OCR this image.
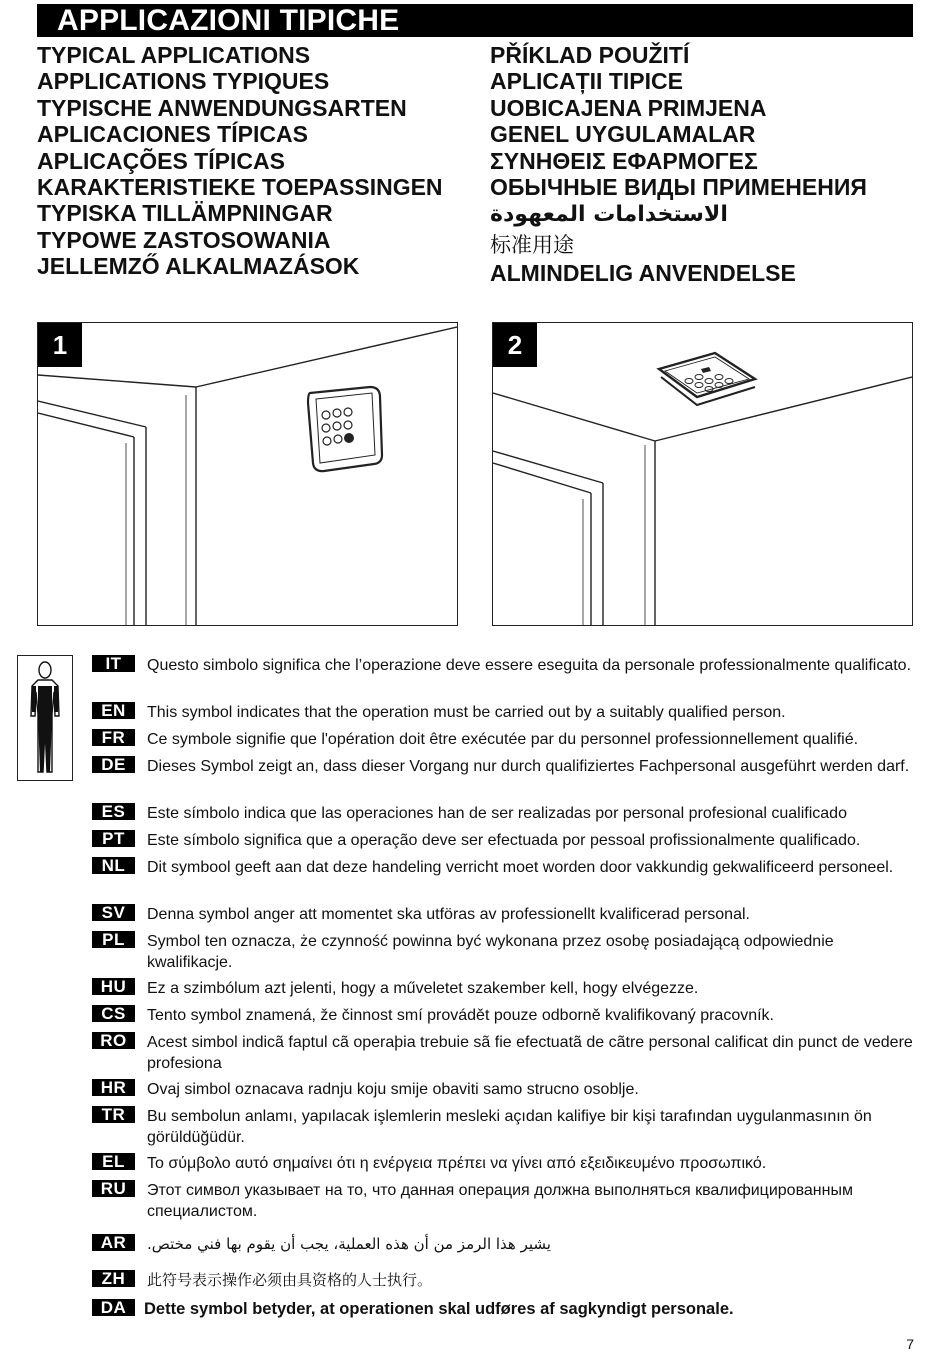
APPLICAZIONI TIPICHE
TYPICAL APPLICATIONS
APPLICATIONS TYPIQUES
TYPISCHE ANWENDUNGSARTEN
APLICACIONES TÍPICAS
APLICAÇÕES TÍPICAS
KARAKTERISTIEKE TOEPASSINGEN
TYPISKA TILLÄMPNINGAR
TYPOWE ZASTOSOWANIA
JELLEMZŐ ALKALMAZÁSOK
PŘÍKLAD POUŽITÍ
APLICAȚII TIPICE
UOBICAJENA PRIMJENA
GENEL UYGULAMALAR
ΣΥΝΗΘΕΙΣ ΕΦΑΡΜΟΓΕΣ
ОБЫЧНЫЕ ВИДЫ ПРИМЕНЕНИЯ
الاستخدامات المعهودة
标准用途
ALMINDELIG ANVENDELSE
1	2
IT	Questo simbolo significa che l’operazione deve essere eseguita da personale professionalmente qualificato.
EN	This symbol indicates that the operation must be carried out by a suitably qualified person.
FR	Ce symbole signifie que l'opération doit être exécutée par du personnel professionnellement qualifié.
DE	Dieses Symbol zeigt an, dass dieser Vorgang nur durch qualifiziertes Fachpersonal ausgeführt werden darf.
ES	Este símbolo indica que las operaciones han de ser realizadas por personal profesional cualificado
PT	Este símbolo significa que a operação deve ser efectuada por pessoal profissionalmente qualificado.
NL	Dit symbool geeft aan dat deze handeling verricht moet worden door vakkundig gekwalificeerd personeel.
SV	Denna symbol anger att momentet ska utföras av professionellt kvalificerad personal.
PL	Symbol ten oznacza, że czynność powinna być wykonana przez osobę posiadającą odpowiednie kwalifikacje.
HU	Ez a szimbólum azt jelenti, hogy a műveletet szakember kell, hogy elvégezze.
CS	Tento symbol znamená, že činnost smí provádět pouze odborně kvalifikovaný pracovník.
RO	Acest simbol indicã faptul cã operaþia trebuie sã fie efectuatã de cãtre personal calificat din punct de vedere profesiona
HR	Ovaj simbol oznacava radnju koju smije obaviti samo strucno osoblje.
TR	Bu sembolun anlamı, yapılacak işlemlerin mesleki açıdan kalifiye bir kişi tarafından uygulanmasının ön görüldüğüdür.
EL	Το σύμβολο αυτό σημαίνει ότι η ενέργεια πρέπει να γίνει από εξειδικευμένο προσωπικό.
RU	Этот символ указывает на то, что данная операция должна выполняться квалифицированным специалистом.
AR	يشير هذا الرمز من أن هذه العملية، يجب أن يقوم بها فني مختص.
ZH	此符号表示操作必须由具资格的人士执行。
DA	Dette symbol betyder, at operationen skal udføres af sagkyndigt personale.
7
